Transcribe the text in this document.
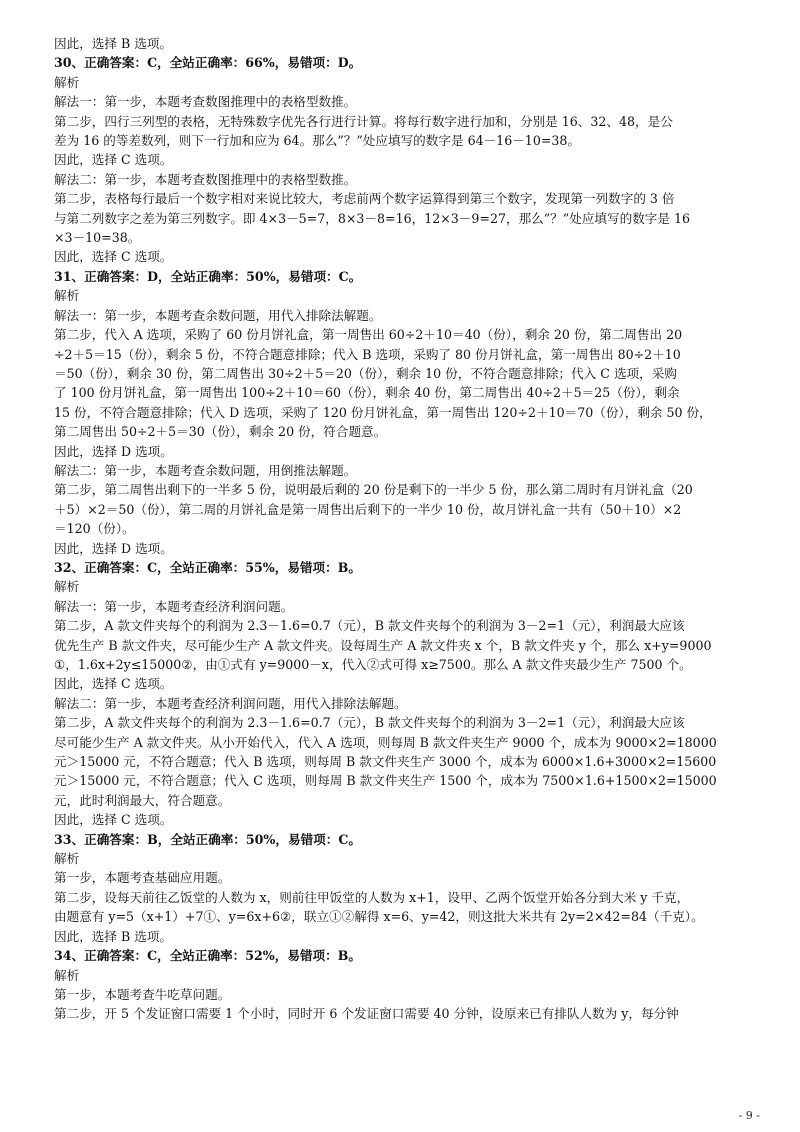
因此，选择 B 选项。
30、正确答案：C，全站正确率：66%，易错项：D。
解析
解法一：第一步，本题考查数图推理中的表格型数推。
第二步，四行三列型的表格，无特殊数字优先各行进行计算。将每行数字进行加和，分别是 16、32、48，是公
差为 16 的等差数列，则下一行加和应为 64。那么”？”处应填写的数字是 64－16－10=38。
因此，选择 C 选项。
解法二：第一步，本题考查数图推理中的表格型数推。
第二步，表格每行最后一个数字相对来说比较大，考虑前两个数字运算得到第三个数字，发现第一列数字的 3 倍
与第二列数字之差为第三列数字。即 4×3－5=7，8×3－8=16，12×3－9=27，那么”？”处应填写的数字是 16
×3－10=38。
因此，选择 C 选项。
31、正确答案：D，全站正确率：50%，易错项：C。
解析
解法一：第一步，本题考查余数问题，用代入排除法解题。
第二步，代入 A 选项，采购了 60 份月饼礼盒，第一周售出 60÷2＋10＝40（份），剩余 20 份，第二周售出 20
÷2＋5＝15（份），剩余 5 份，不符合题意排除；代入 B 选项，采购了 80 份月饼礼盒，第一周售出 80÷2＋10
＝50（份），剩余 30 份，第二周售出 30÷2＋5＝20（份），剩余 10 份，不符合题意排除；代入 C 选项，采购
了 100 份月饼礼盒，第一周售出 100÷2＋10＝60（份），剩余 40 份，第二周售出 40÷2＋5＝25（份），剩余
15 份，不符合题意排除；代入 D 选项，采购了 120 份月饼礼盒，第一周售出 120÷2＋10＝70（份），剩余 50 份，
第二周售出 50÷2＋5＝30（份），剩余 20 份，符合题意。
因此，选择 D 选项。
解法二：第一步，本题考查余数问题，用倒推法解题。
第二步，第二周售出剩下的一半多 5 份，说明最后剩的 20 份是剩下的一半少 5 份，那么第二周时有月饼礼盒（20
＋5）×2＝50（份），第二周的月饼礼盒是第一周售出后剩下的一半少 10 份，故月饼礼盒一共有（50＋10）×2
＝120（份）。
因此，选择 D 选项。
32、正确答案：C，全站正确率：55%，易错项：B。
解析
解法一：第一步，本题考查经济利润问题。
第二步，A 款文件夹每个的利润为 2.3－1.6=0.7（元），B 款文件夹每个的利润为 3－2=1（元），利润最大应该
优先生产 B 款文件夹，尽可能少生产 A 款文件夹。设每周生产 A 款文件夹 x 个，B 款文件夹 y 个，那么 x+y=9000
①，1.6x+2y≤15000②，由①式有 y=9000－x，代入②式可得 x≥7500。那么 A 款文件夹最少生产 7500 个。
因此，选择 C 选项。
解法二：第一步，本题考查经济利润问题，用代入排除法解题。
第二步，A 款文件夹每个的利润为 2.3－1.6=0.7（元），B 款文件夹每个的利润为 3－2=1（元），利润最大应该
尽可能少生产 A 款文件夹。从小开始代入，代入 A 选项，则每周 B 款文件夹生产 9000 个，成本为 9000×2=18000
元＞15000 元，不符合题意；代入 B 选项，则每周 B 款文件夹生产 3000 个，成本为 6000×1.6+3000×2=15600
元＞15000 元，不符合题意；代入 C 选项，则每周 B 款文件夹生产 1500 个，成本为 7500×1.6+1500×2=15000
元，此时利润最大，符合题意。
因此，选择 C 选项。
33、正确答案：B，全站正确率：50%，易错项：C。
解析
第一步，本题考查基础应用题。
第二步，设每天前往乙饭堂的人数为 x，则前往甲饭堂的人数为 x+1，设甲、乙两个饭堂开始各分到大米 y 千克，
由题意有 y=5（x+1）+7①、y=6x+6②，联立①②解得 x=6、y=42，则这批大米共有 2y=2×42=84（千克）。
因此，选择 B 选项。
34、正确答案：C，全站正确率：52%，易错项：B。
解析
第一步，本题考查牛吃草问题。
第二步，开 5 个发证窗口需要 1 个小时，同时开 6 个发证窗口需要 40 分钟，设原来已有排队人数为 y，每分钟
- 9 -
